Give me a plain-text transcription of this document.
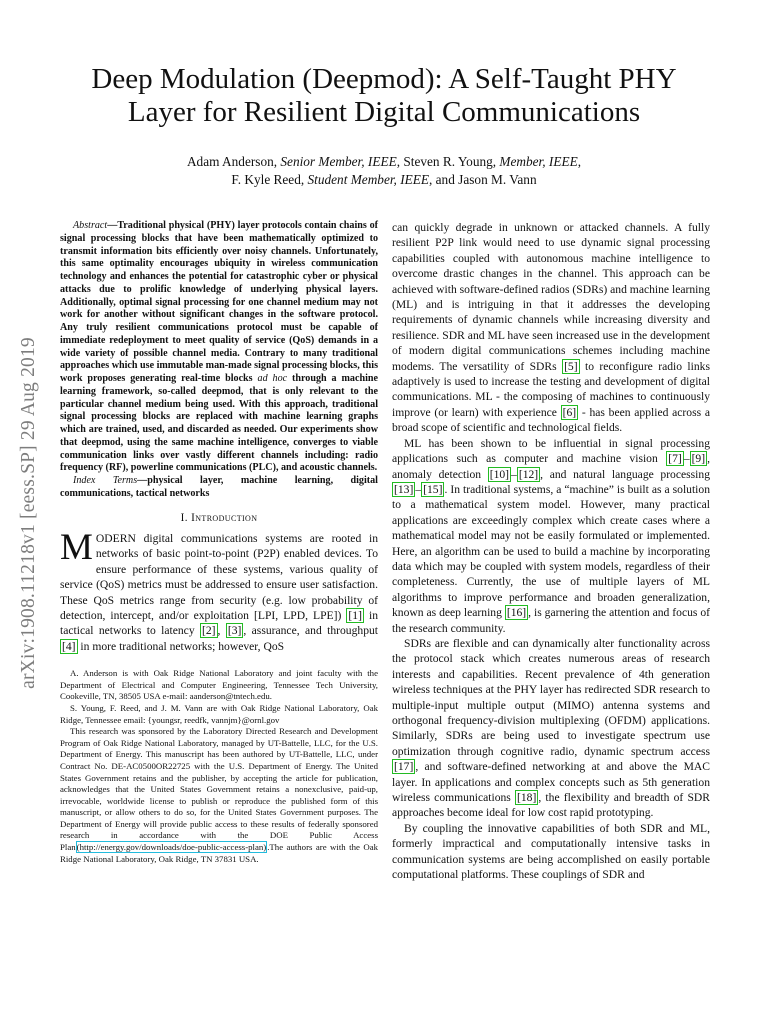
arXiv:1908.11218v1 [eess.SP] 29 Aug 2019
Deep Modulation (Deepmod): A Self-Taught PHY
Layer for Resilient Digital Communications
Adam Anderson, Senior Member, IEEE, Steven R. Young, Member, IEEE,
F. Kyle Reed, Student Member, IEEE, and Jason M. Vann

Abstract—Traditional physical (PHY) layer protocols contain chains of signal processing blocks that have been mathematically optimized to transmit information bits efficiently over noisy channels. Unfortunately, this same optimality encourages ubiquity in wireless communication technology and enhances the potential for catastrophic cyber or physical attacks due to prolific knowledge of underlying physical layers. Additionally, optimal signal processing for one channel medium may not work for another without significant changes in the software protocol. Any truly resilient communications protocol must be capable of immediate redeployment to meet quality of service (QoS) demands in a wide variety of possible channel media. Contrary to many traditional approaches which use immutable man-made signal processing blocks, this work proposes generating real-time blocks ad hoc through a machine learning framework, so-called deepmod, that is only relevant to the particular channel medium being used. With this approach, traditional signal processing blocks are replaced with machine learning graphs which are trained, used, and discarded as needed. Our experiments show that deepmod, using the same machine intelligence, converges to viable communication links over vastly different channels including: radio frequency (RF), powerline communications (PLC), and acoustic channels.

Index Terms—physical layer, machine learning, digital communications, tactical networks

I. Introduction

MODERN digital communications systems are rooted in networks of basic point-to-point (P2P) enabled devices. To ensure performance of these systems, various quality of service (QoS) metrics must be addressed to ensure user satisfaction. These QoS metrics range from security (e.g. low probability of detection, intercept, and/or exploitation [LPI, LPD, LPE]) [1] in tactical networks to latency [2] , [3] , assurance, and throughput [4] in more traditional networks; however, QoS

A. Anderson is with Oak Ridge National Laboratory and joint faculty with the Department of Electrical and Computer Engineering, Tennessee Tech University, Cookeville, TN, 38505 USA e-mail: aanderson@tntech.edu.

S. Young, F. Reed, and J. M. Vann are with Oak Ridge National Laboratory, Oak Ridge, Tennessee email: {youngsr, reedfk, vannjm}@ornl.gov

This research was sponsored by the Laboratory Directed Research and Development Program of Oak Ridge National Laboratory, managed by UT-Battelle, LLC, for the U.S. Department of Energy. This manuscript has been authored by UT-Battelle, LLC, under Contract No. DE-AC0500OR22725 with the U.S. Department of Energy. The United States Government retains and the publisher, by accepting the article for publication, acknowledges that the United States Government retains a nonexclusive, paid-up, irrevocable, worldwide license to publish or reproduce the published form of this manuscript, or allow others to do so, for the United States Government purposes. The Department of Energy will provide public access to these results of federally sponsored research in accordance with the DOE Public Access Plan(http://energy.gov/downloads/doe-public-access-plan).The authors are with the Oak Ridge National Laboratory, Oak Ridge, TN 37831 USA.

can quickly degrade in unknown or attacked channels. A fully resilient P2P link would need to use dynamic signal processing capabilities coupled with autonomous machine intelligence to overcome drastic changes in the channel. This approach can be achieved with software-defined radios (SDRs) and machine learning (ML) and is intriguing in that it addresses the developing requirements of dynamic channels while increasing diversity and resilience. SDR and ML have seen increased use in the development of modern digital communications schemes including machine modems. The versatility of SDRs [5] to reconfigure radio links adaptively is used to increase the testing and development of digital communications. ML - the composing of machines to continuously improve (or learn) with experience [6] - has been applied across a broad scope of scientific and technological fields.

ML has been shown to be influential in signal processing applications such as computer and machine vision [7] – [9] , anomaly detection [10] – [12] , and natural language processing [13] – [15] . In traditional systems, a “machine” is built as a solution to a mathematical system model. However, many practical applications are exceedingly complex which create cases where a mathematical model may not be easily formulated or implemented. Here, an algorithm can be used to build a machine by incorporating data which may be coupled with system models, regardless of their completeness. Currently, the use of multiple layers of ML algorithms to improve performance and broaden generalization, known as deep learning [16] , is garnering the attention and focus of the research community.

SDRs are flexible and can dynamically alter functionality across the protocol stack which creates numerous areas of research interests and capabilities. Recent prevalence of 4th generation wireless techniques at the PHY layer has redirected SDR research to multiple-input multiple output (MIMO) antenna systems and orthogonal frequency-division multiplexing (OFDM) applications. Similarly, SDRs are being used to investigate spectrum use optimization through cognitive radio, dynamic spectrum access [17] , and software-defined networking at and above the MAC layer. In applications and complex concepts such as 5th generation wireless communications [18] , the flexibility and breadth of SDR approaches become ideal for low cost rapid prototyping.

By coupling the innovative capabilities of both SDR and ML, formerly impractical and computationally intensive tasks in communication systems are being accomplished on easily portable computational platforms. These couplings of SDR and
